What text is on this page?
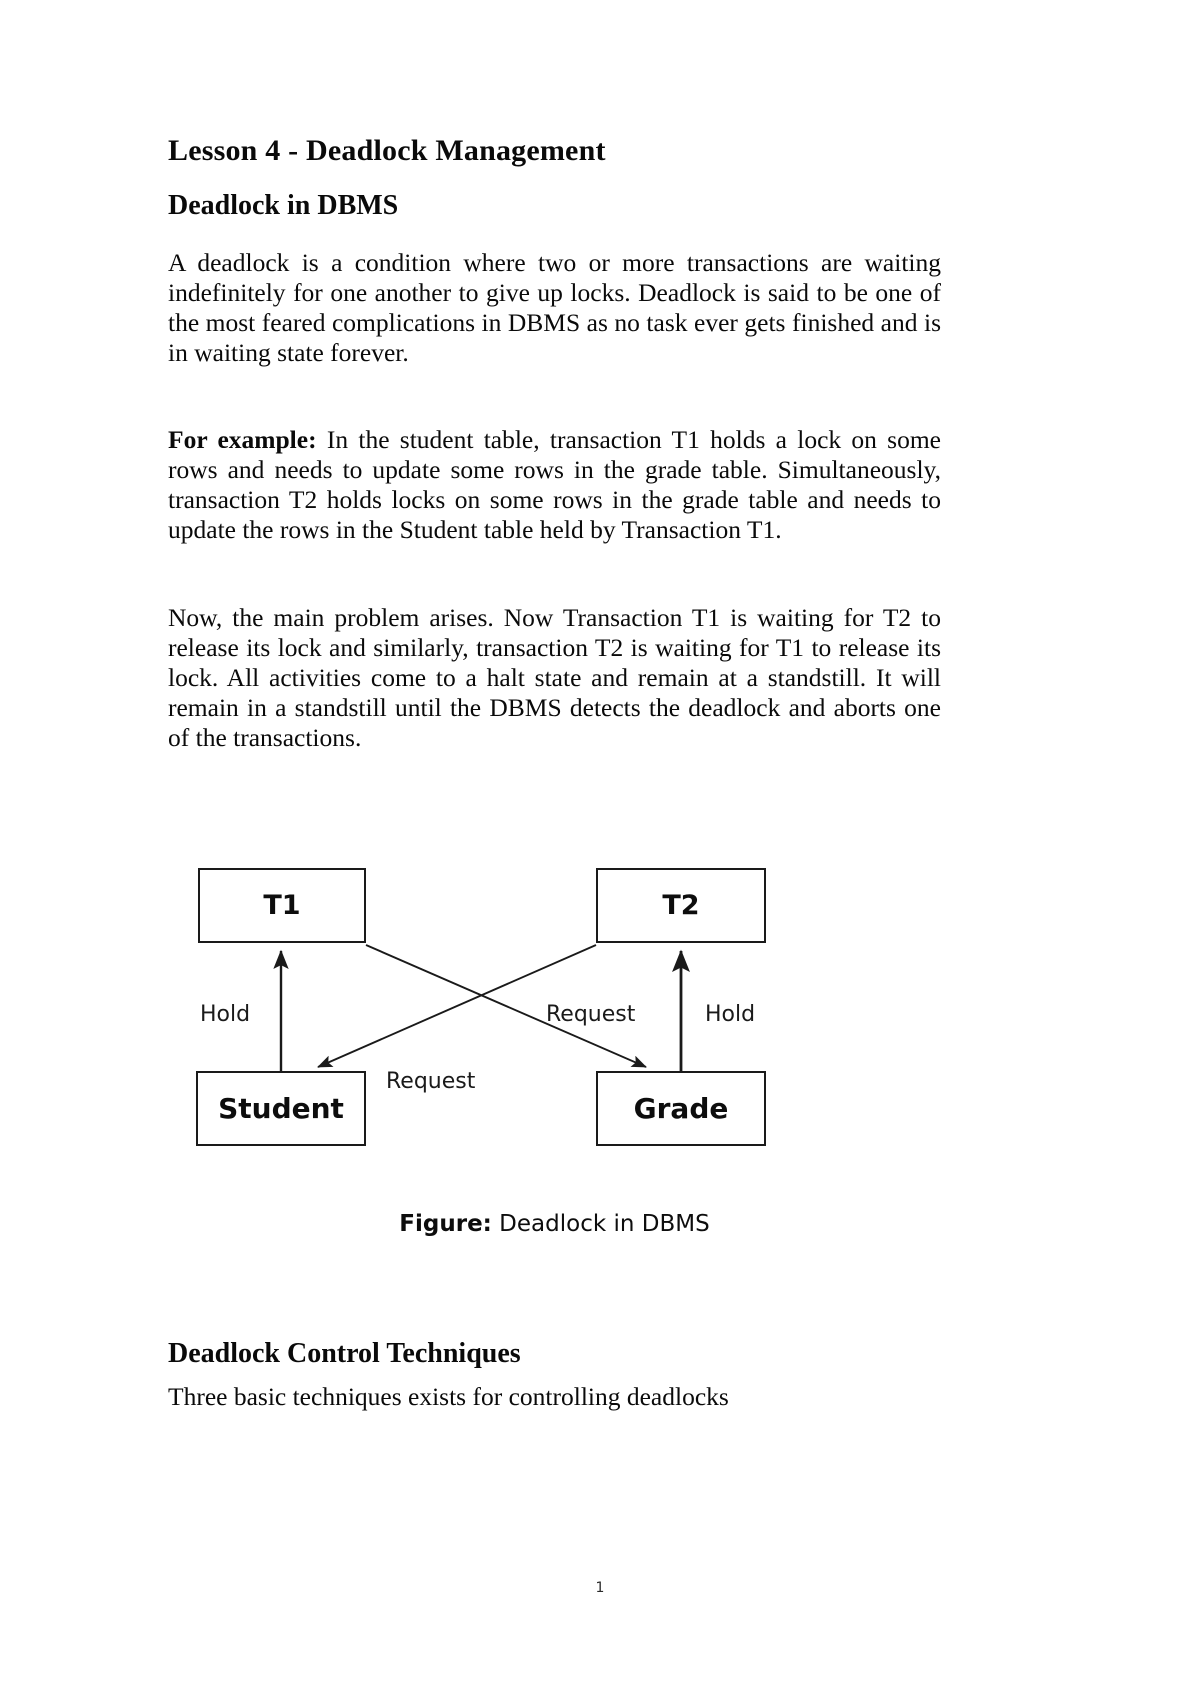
Lesson 4 - Deadlock Management
Deadlock in DBMS

A deadlock is a condition where two or more transactions are waiting indefinitely for one another to give up locks. Deadlock is said to be one of the most feared complications in DBMS as no task ever gets finished and is in waiting state forever.

For example: In the student table, transaction T1 holds a lock on some rows and needs to update some rows in the grade table. Simultaneously, transaction T2 holds locks on some rows in the grade table and needs to update the rows in the Student table held by Transaction T1.

Now, the main problem arises. Now Transaction T1 is waiting for T2 to release its lock and similarly, transaction T2 is waiting for T1 to release its lock. All activities come to a halt state and remain at a standstill. It will remain in a standstill until the DBMS detects the deadlock and aborts one of the transactions.

Deadlock Control Techniques

Three basic techniques exists for controlling deadlocks

T1	T2
Student	Grade
Hold	Request	Hold
Request
Figure: Deadlock in DBMS
1
